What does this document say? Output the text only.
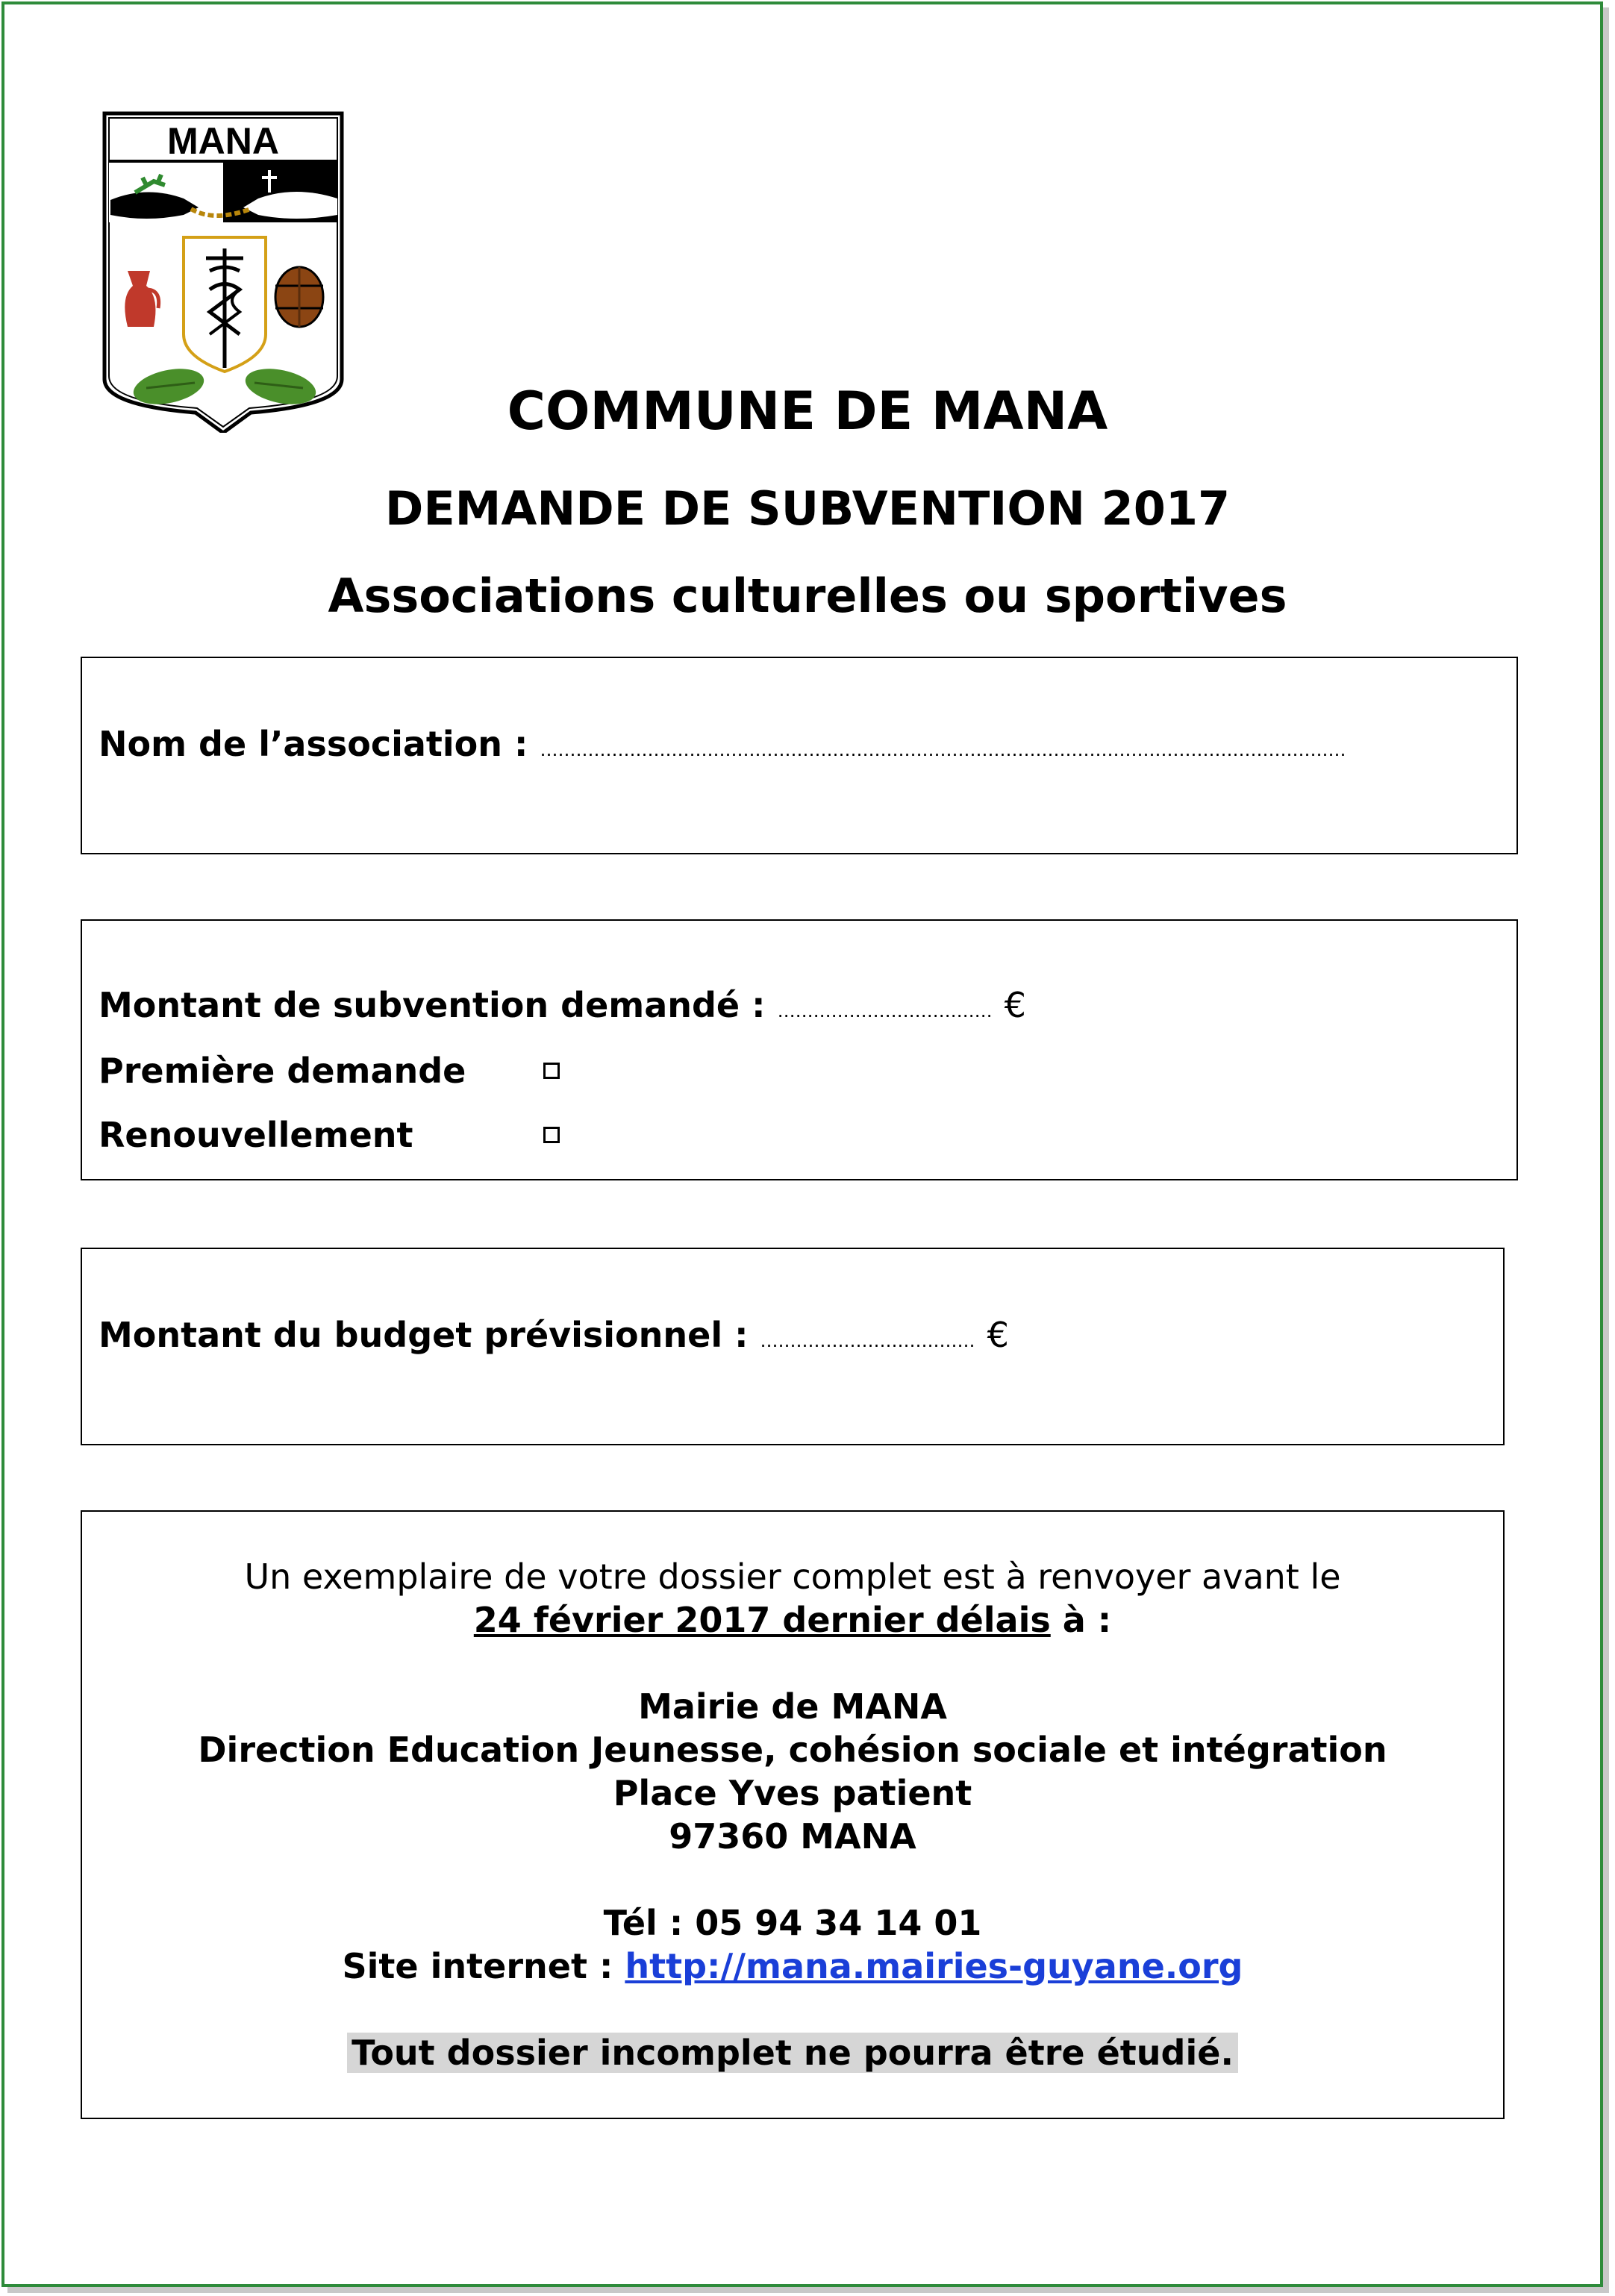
MANA
COMMUNE DE MANA
DEMANDE DE SUBVENTION 2017
Associations culturelles ou sportives
Nom de l’association : ………………………………………………………………………………………………………………………
Montant de subvention demandé : ……………………………… €
Première demande
Renouvellement
Montant du budget prévisionnel : ……………………………… €
Un exemplaire de votre dossier complet est à renvoyer avant le
24 février 2017 dernier délais à :
Mairie de MANA
Direction Education Jeunesse, cohésion sociale et intégration
Place Yves patient
97360 MANA
Tél : 05 94 34 14 01
Site internet : http://mana.mairies-guyane.org
Tout dossier incomplet ne pourra être étudié.
